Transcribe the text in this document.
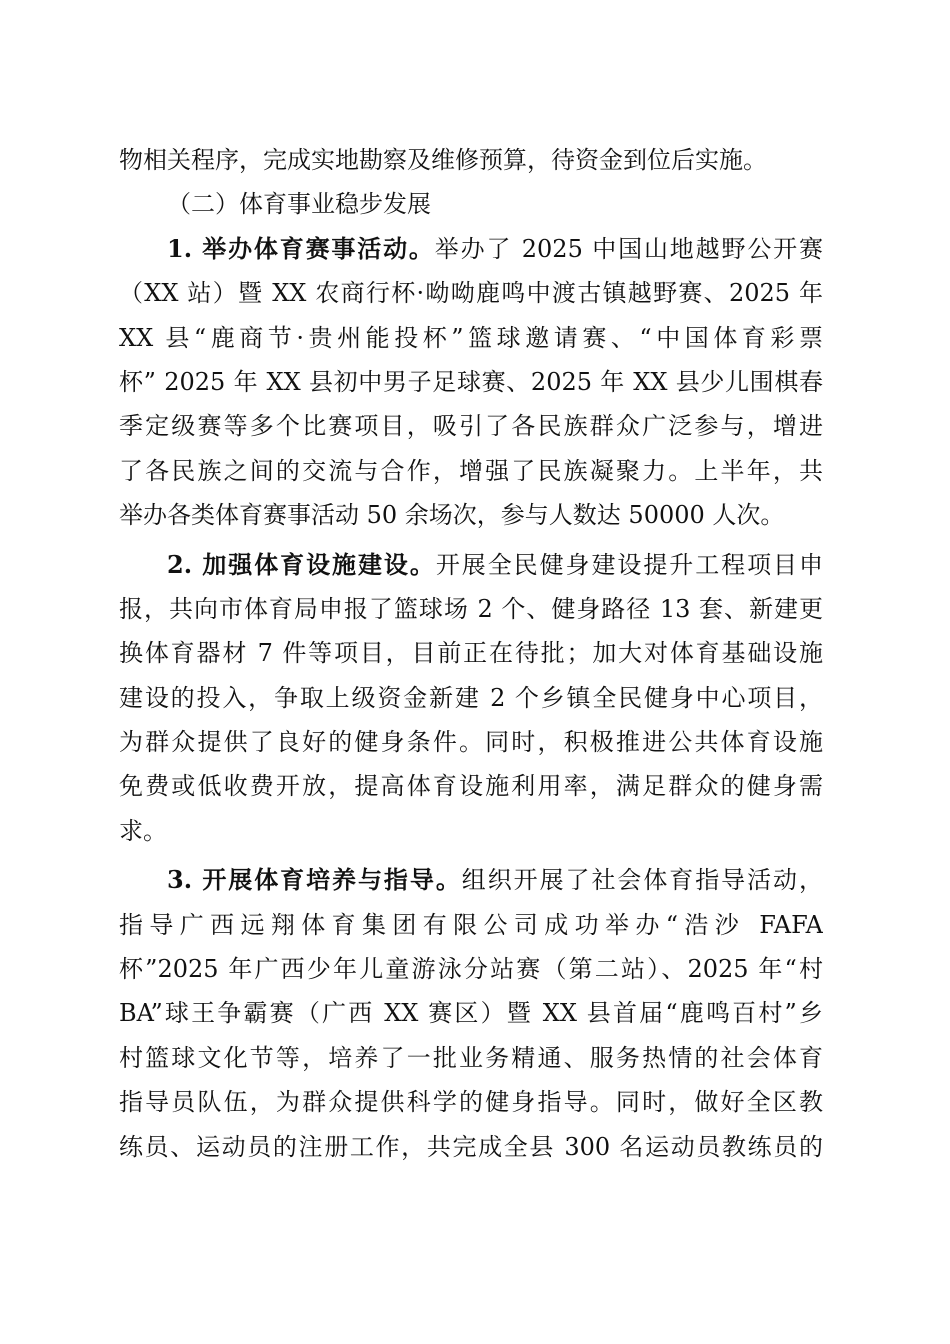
物相关程序，完成实地勘察及维修预算，待资金到位后实施。
（二）体育事业稳步发展
1. 举办体育赛事活动。举办了 2025 中国山地越野公开赛
（XX 站）暨 XX 农商行杯·呦呦鹿鸣中渡古镇越野赛、2025 年
XX 县“鹿商节·贵州能投杯”篮球邀请赛、“中国体育彩票
杯” 2025 年 XX 县初中男子足球赛、2025 年 XX 县少儿围棋春
季定级赛等多个比赛项目，吸引了各民族群众广泛参与，增进
了各民族之间的交流与合作，增强了民族凝聚力。上半年，共
举办各类体育赛事活动 50 余场次，参与人数达 50000 人次。
2. 加强体育设施建设。开展全民健身建设提升工程项目申
报，共向市体育局申报了篮球场 2 个、健身路径 13 套、新建更
换体育器材 7 件等项目，目前正在待批；加大对体育基础设施
建设的投入，争取上级资金新建 2 个乡镇全民健身中心项目，
为群众提供了良好的健身条件。同时，积极推进公共体育设施
免费或低收费开放，提高体育设施利用率，满足群众的健身需
求。
3. 开展体育培养与指导。组织开展了社会体育指导活动，
指导广西远翔体育集团有限公司成功举办“浩沙 FAFA
杯”2025 年广西少年儿童游泳分站赛（第二站）、2025 年“村
BA”球王争霸赛（广西 XX 赛区）暨 XX 县首届“鹿鸣百村”乡
村篮球文化节等，培养了一批业务精通、服务热情的社会体育
指导员队伍，为群众提供科学的健身指导。同时，做好全区教
练员、运动员的注册工作，共完成全县 300 名运动员教练员的
